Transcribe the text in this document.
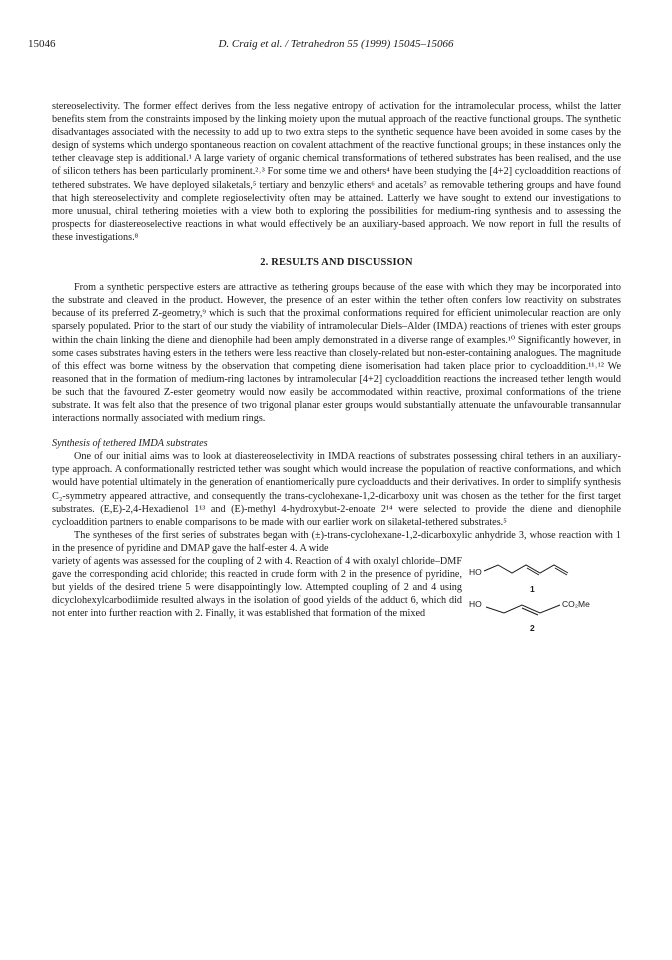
15046	D. Craig et al. / Tetrahedron 55 (1999) 15045–15066

stereoselectivity. The former effect derives from the less negative entropy of activation for the intramolecular process, whilst the latter benefits stem from the constraints imposed by the linking moiety upon the mutual approach of the reactive functional groups. The synthetic disadvantages associated with the necessity to add up to two extra steps to the synthetic sequence have been avoided in some cases by the design of systems which undergo spontaneous reaction on covalent attachment of the reactive functional groups; in these instances only the tether cleavage step is additional.¹ A large variety of organic chemical transformations of tethered substrates has been realised, and the use of silicon tethers has been particularly prominent.²˒³ For some time we and others⁴ have been studying the [4+2] cycloaddition reactions of tethered substrates. We have deployed silaketals,⁵ tertiary and benzylic ethers⁶ and acetals⁷ as removable tethering groups and have found that high stereoselectivity and complete regioselectivity often may be attained. Latterly we have sought to extend our investigations to more unusual, chiral tethering moieties with a view both to exploring the possibilities for medium-ring synthesis and to assessing the prospects for diastereoselective reactions in what would effectively be an auxiliary-based approach. We now report in full the results of these investigations.⁸

2. RESULTS AND DISCUSSION

From a synthetic perspective esters are attractive as tethering groups because of the ease with which they may be incorporated into the substrate and cleaved in the product. However, the presence of an ester within the tether often confers low reactivity on substrates because of its preferred Z-geometry,⁹ which is such that the proximal conformations required for efficient unimolecular reaction are only sparsely populated. Prior to the start of our study the viability of intramolecular Diels–Alder (IMDA) reactions of trienes with ester groups within the chain linking the diene and dienophile had been amply demonstrated in a diverse range of examples.¹⁰ Significantly however, in some cases substrates having esters in the tethers were less reactive than closely-related but non-ester-containing analogues. The magnitude of this effect was borne witness by the observation that competing diene isomerisation had taken place prior to cycloaddition.¹¹˒¹² We reasoned that in the formation of medium-ring lactones by intramolecular [4+2] cycloaddition reactions the increased tether length would be such that the favoured Z-ester geometry would now easily be accommodated within reactive, proximal conformations of the triene substrate. It was felt also that the presence of two trigonal planar ester groups would substantially attenuate the unfavourable transannular interactions normally associated with medium rings.

Synthesis of tethered IMDA substrates

One of our initial aims was to look at diastereoselectivity in IMDA reactions of substrates possessing chiral tethers in an auxiliary-type approach. A conformationally restricted tether was sought which would increase the population of reactive conformations, and which would have potential ultimately in the generation of enantiomerically pure cycloadducts and their derivatives. In order to simplify synthesis C₂-symmetry appeared attractive, and consequently the trans-cyclohexane-1,2-dicarboxy unit was chosen as the tether for the first target substrates. (E,E)-2,4-Hexadienol 1¹³ and (E)-methyl 4-hydroxybut-2-enoate 2¹⁴ were selected to provide the diene and dienophile cycloaddition partners to enable comparisons to be made with our earlier work on silaketal-tethered substrates.⁵

The syntheses of the first series of substrates began with (±)-trans-cyclohexane-1,2-dicarboxylic anhydride 3, whose reaction with 1 in the presence of pyridine and DMAP gave the half-ester 4. A wide

variety of agents was assessed for the coupling of 2 with 4. Reaction of 4 with oxalyl chloride–DMF gave the corresponding acid chloride; this reacted in crude form with 2 in the presence of pyridine, but yields of the desired triene 5 were disappointingly low. Attempted coupling of 2 and 4 using dicyclohexylcarbodiimide resulted always in the isolation of good yields of the adduct 6, which did not enter into further reaction with 2. Finally, it was established that formation of the mixed

HO
1
HO	CO₂Me
2
